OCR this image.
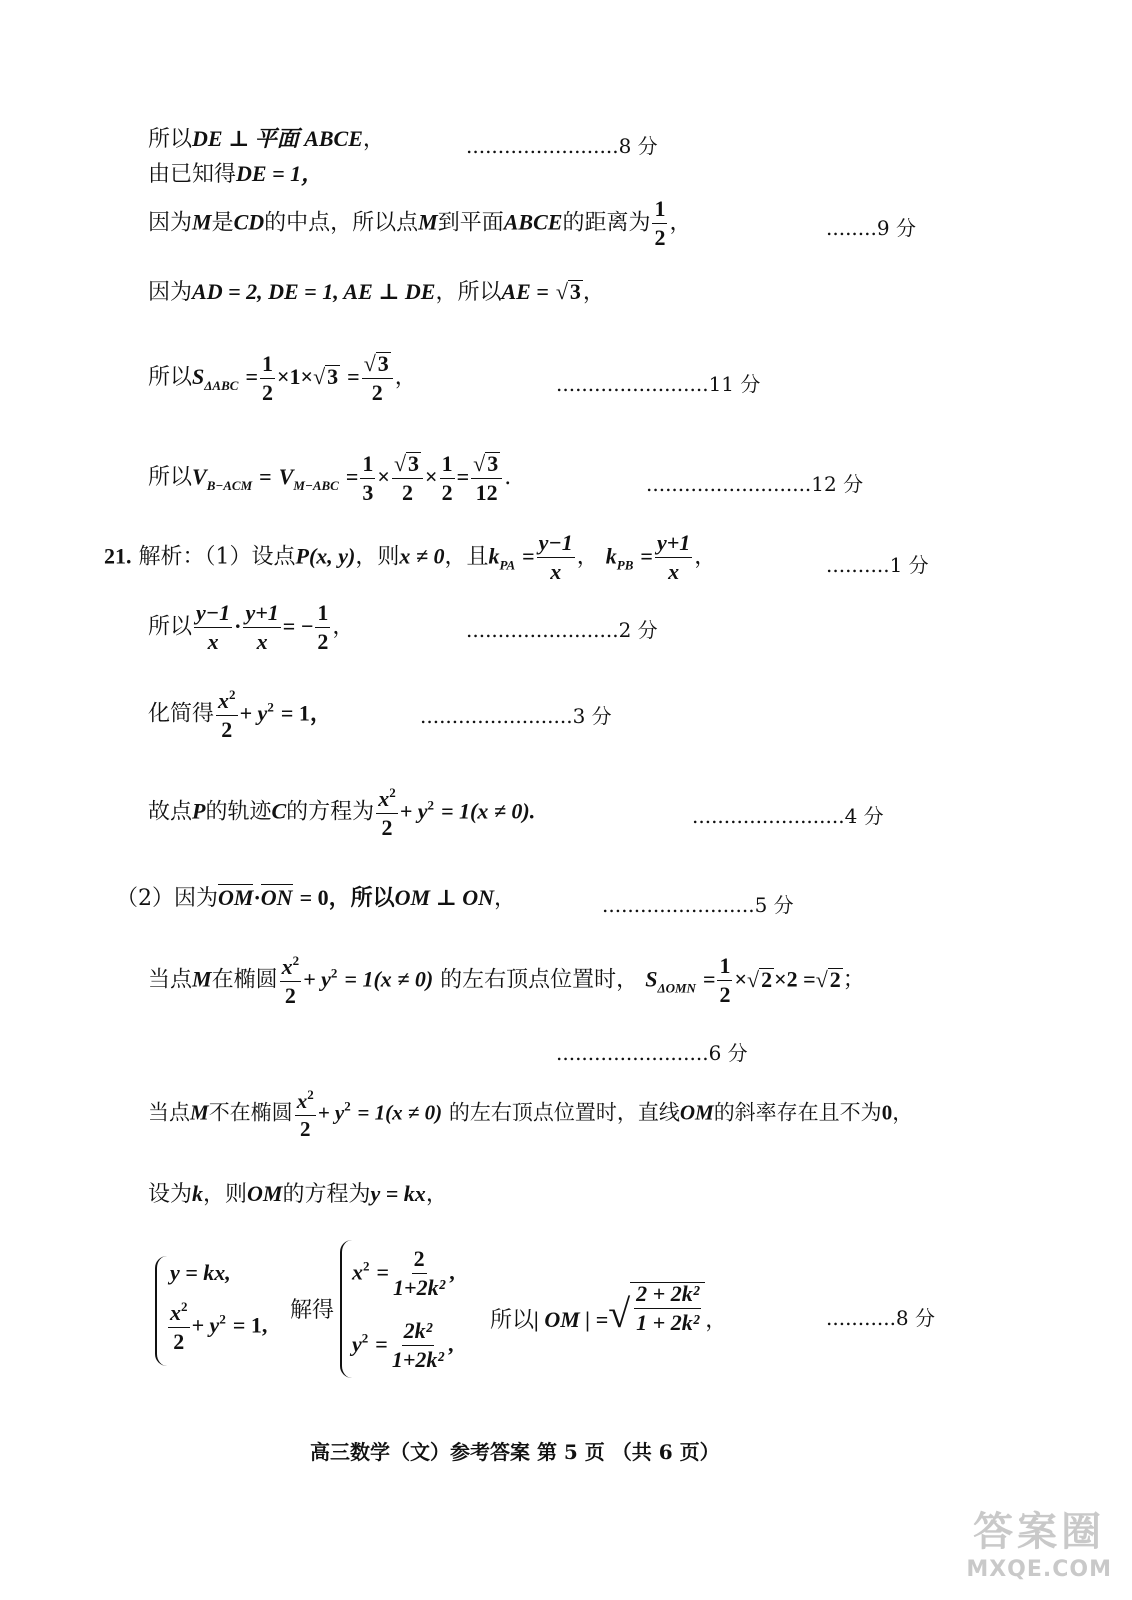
所以DE ⊥ 平面 ABCE，	........................8 分
由已知得DE = 1，
因为M是CD的中点，所以点M到平面ABCE的距离为 $\frac{1}{2}$ ，	........9 分
因为AD = 2, DE = 1, AE ⊥ DE，所以AE = √ 3 ，
所以$S_{\Delta ABC} = \frac{1}{2} \times 1\times$ √ $3 = \frac{√ 3}{2}$ ，	........................11 分
所以$V_{B-ACM} = V_{M-ABC} = \frac{1}{3} \times \frac{√ 3}{2} \times \frac{1}{2} = \frac{√ 3}{12}$ .	..........................12 分
21. 解析：（1）设点P(x, y)，则x ≠ 0，且$k_{PA} = \frac{y-1}{x}$ ， $k_{PB} = \frac{y+1}{x}$ ，	..........1 分
所以 $\frac{y-1}{x} \cdot \frac{y+1}{x}$ = − $\frac{1}{2}$ ，	........................2 分
化简得 $\frac{x^2}{2} + y^2 = 1$，	........................3 分
故点P的轨迹C的方程为 $\frac{x^2}{2} + y^2 = 1(x \ne 0)$.	........................4 分
（2）因为OM·ON = 0，所以OM ⊥ ON，	........................5 分
当点M在椭圆 $\frac{x^2}{2} + y^2 = 1(x \ne 0)$ 的左右顶点位置时， $S_{\Delta OMN} = \frac{1}{2}$ × √ 2 ×2 = √ 2 ；
........................6 分
当点M不在椭圆 $\frac{x^2}{2} + y^2 = 1(x \ne 0)$ 的左右顶点位置时，直线OM的斜率存在且不为0，
设为k，则OM的方程为y = kx，
y = kx,
$\frac{x^2}{2} + y^2 = 1$,
解得
$x^2 = \frac{2}{\text{1+2k²}}$ ,
$y^2 = \frac{\text{2k²}}{\text{1+2k²}}$ ,
所以| OM | = √ $\frac{\text{2 + 2k²}}{\text{1 + 2k²}}$ ，	...........8 分
高三数学（文）参考答案 第 5 页 （共 6 页）
答案圈
MXQE.COM
